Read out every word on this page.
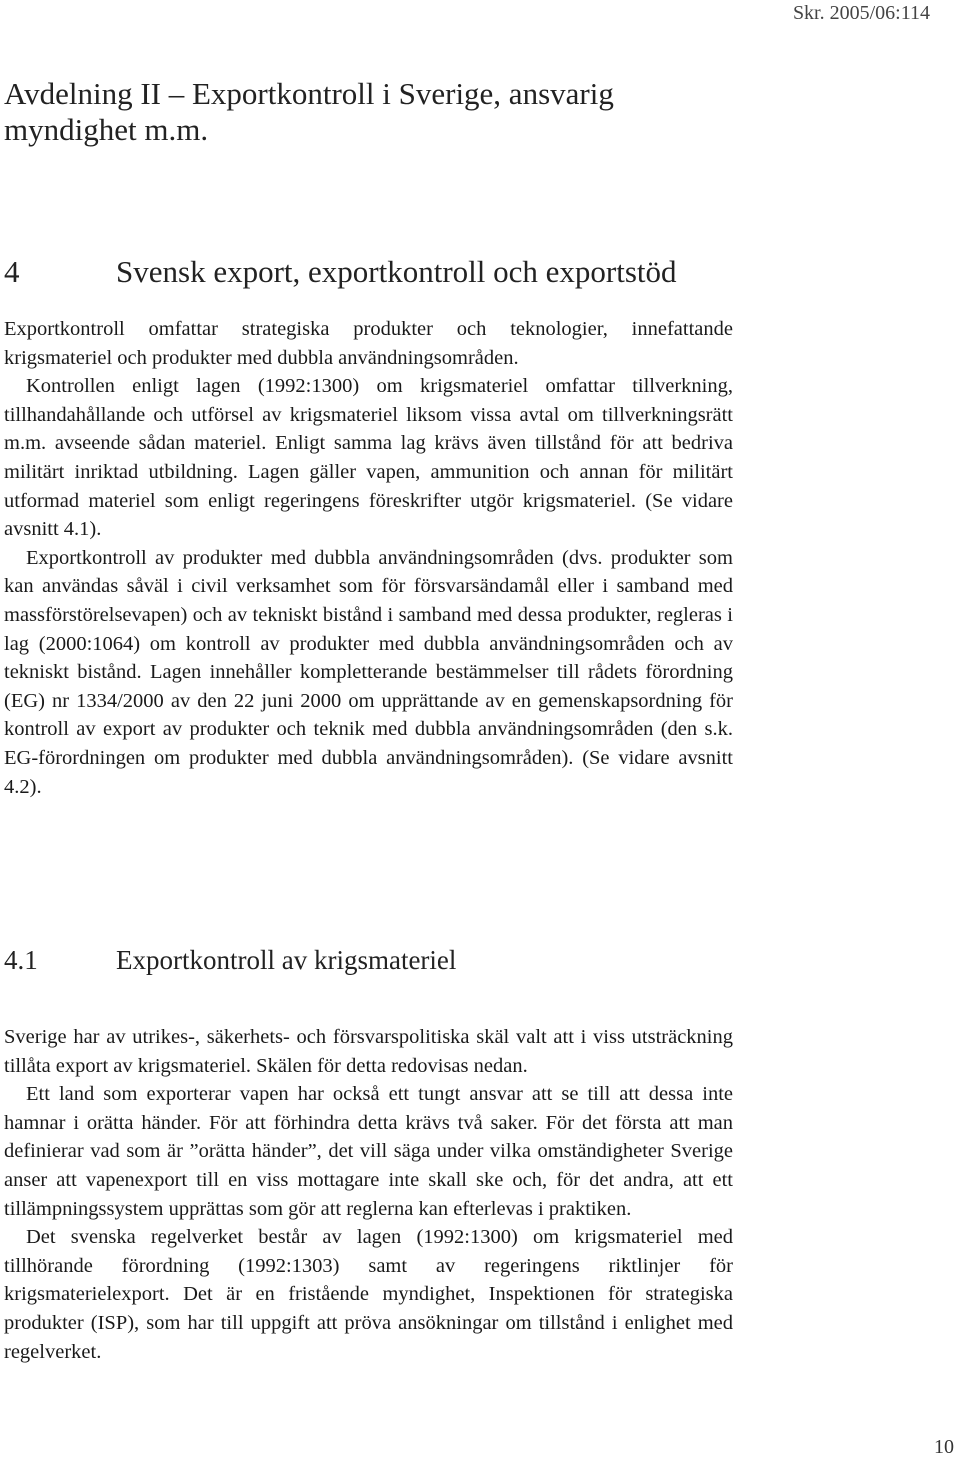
Skr. 2005/06:114
Avdelning II – Exportkontroll i Sverige, ansvarig myndighet m.m.
4	Svensk export, exportkontroll och exportstöd

Exportkontroll omfattar strategiska produkter och teknologier, innefattande krigsmateriel och produkter med dubbla användningsområden.

Kontrollen enligt lagen (1992:1300) om krigsmateriel omfattar tillverkning, tillhandahållande och utförsel av krigsmateriel liksom vissa avtal om tillverkningsrätt m.m. avseende sådan materiel. Enligt samma lag krävs även tillstånd för att bedriva militärt inriktad utbildning. Lagen gäller vapen, ammunition och annan för militärt utformad materiel som enligt regeringens föreskrifter utgör krigsmateriel. (Se vidare avsnitt 4.1).

Exportkontroll av produkter med dubbla användningsområden (dvs. produkter som kan användas såväl i civil verksamhet som för försvarsändamål eller i samband med massförstörelsevapen) och av tekniskt bistånd i samband med dessa produkter, regleras i lag (2000:1064) om kontroll av produkter med dubbla användningsområden och av tekniskt bistånd. Lagen innehåller kompletterande bestämmelser till rådets förordning (EG) nr 1334/2000 av den 22 juni 2000 om upprättande av en gemenskapsordning för kontroll av export av produkter och teknik med dubbla användningsområden (den s.k. EG-förordningen om produkter med dubbla användningsområden). (Se vidare avsnitt 4.2).

4.1	Exportkontroll av krigsmateriel

Sverige har av utrikes-, säkerhets- och försvarspolitiska skäl valt att i viss utsträckning tillåta export av krigsmateriel. Skälen för detta redovisas nedan.

Ett land som exporterar vapen har också ett tungt ansvar att se till att dessa inte hamnar i orätta händer. För att förhindra detta krävs två saker. För det första att man definierar vad som är ”orätta händer”, det vill säga under vilka omständigheter Sverige anser att vapenexport till en viss mottagare inte skall ske och, för det andra, att ett tillämpningssystem upprättas som gör att reglerna kan efterlevas i praktiken.

Det svenska regelverket består av lagen (1992:1300) om krigsmateriel med tillhörande förordning (1992:1303) samt av regeringens riktlinjer för krigsmaterielexport. Det är en fristående myndighet, Inspektionen för strategiska produkter (ISP), som har till uppgift att pröva ansökningar om tillstånd i enlighet med regelverket.

10
